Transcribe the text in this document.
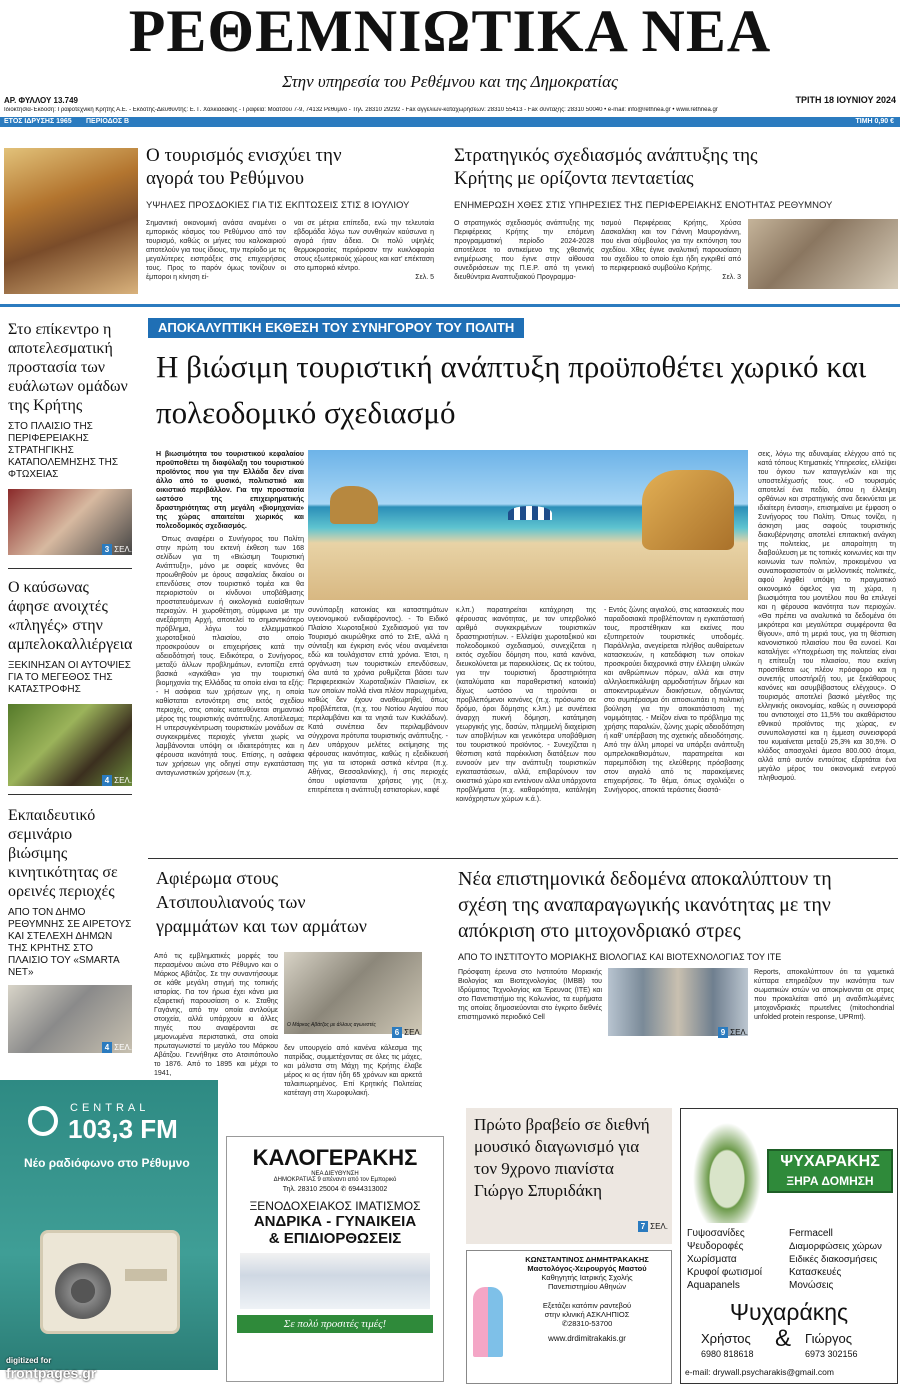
ΡΕΘΕΜΝΙΩΤΙΚΑ ΝΕΑ
Στην υπηρεσία του Ρεθέμνου και της Δημοκρατίας
ΑΡ. ΦΥΛΛΟΥ 13.749	ΤΡΙΤΗ 18 ΙΟΥΝΙΟΥ 2024
Ιδιοκτησία-Έκδοση: Γραφοτεχνική Κρήτης Α.Ε. - Εκδότης-Διευθυντής: Ε. Γ. Χαλκιαδάκης - Γραφεία: Μοάτσου 7-9, 74132 Ρέθυμνο - Τηλ. 28310 29292 - Fax αγγελιών-καταχωρήσεων: 28310 55413 - Fax σύνταξης: 28310 50040 • e-mail: info@rethnea.gr • www.rethnea.gr
ΕΤΟΣ ΙΔΡΥΣΗΣ 1965 ΠΕΡΙΟΔΟΣ Β	ΤΙΜΗ 0,90 €
Ο τουρισμός ενισχύει την αγορά του Ρεθύμνου
ΥΨΗΛΕΣ ΠΡΟΣΔΟΚΙΕΣ ΓΙΑ ΤΙΣ ΕΚΠΤΩΣΕΙΣ ΣΤΙΣ 8 ΙΟΥΛΙΟΥ
Σημαντική οικονομική ανάσα αναμένει ο εμπορικός κόσμος του Ρεθύμνου από τον τουρισμό, καθώς οι μήνες του καλοκαιριού αποτελούν για τους ίδιους, την περίοδο με τις μεγαλύτερες εισπράξεις στις επιχειρήσεις τους. Προς το παρόν όμως τονίζουν οι έμποροι η κίνηση εί-
ναι σε μέτρια επίπεδα, ενώ την τελευταία εβδομάδα λόγω των συνθηκών καύσωνα η αγορά ήταν άδεια. Οι πολύ υψηλές θερμοκρασίες περιόρισαν την κυκλοφορία στους εξωτερικούς χώρους και κατ' επέκταση στο εμπορικό κέντρο.
Σελ. 5
Στρατηγικός σχεδιασμός ανάπτυξης της Κρήτης με ορίζοντα πενταετίας
ΕΝΗΜΕΡΩΣΗ ΧΘΕΣ ΣΤΙΣ ΥΠΗΡΕΣΙΕΣ ΤΗΣ ΠΕΡΙΦΕΡΕΙΑΚΗΣ ΕΝΟΤΗΤΑΣ ΡΕΘΥΜΝΟΥ
Ο στρατηγικός σχεδιασμός ανάπτυξης της Περιφέρειας Κρήτης την επόμενη προγραμματική περίοδο 2024-2028 αποτέλεσε το αντικείμενο της χθεσινής ενημέρωσης που έγινε στην αίθουσα συνεδριάσεων της Π.Ε.Ρ. από τη γενική διευθύντρια Αναπτυξιακού Προγραμμα-
τισμού Περιφέρειας Κρήτης, Χρύσα Δασκαλάκη και τον Γιάννη Μαυρογιάννη, που είναι σύμβουλος για την εκπόνηση του σχεδίου. Χθες έγινε αναλυτική παρουσίαση του σχεδίου το οποίο έχει ήδη εγκριθεί από το περιφερειακό συμβούλιο Κρήτης.
Σελ. 3
Στο επίκεντρο η αποτελεσματική προστασία των ευάλωτων ομάδων της Κρήτης
ΣΤΟ ΠΛΑΙΣΙΟ ΤΗΣ ΠΕΡΙΦΕΡΕΙΑΚΗΣ ΣΤΡΑΤΗΓΙΚΗΣ ΚΑΤΑΠΟΛΕΜΗΣΗΣ ΤΗΣ ΦΤΩΧΕΙΑΣ
3 ΣΕΛ.
Ο καύσωνας άφησε ανοιχτές «πληγές» στην αμπελοκαλλιέργεια
ΞΕΚΙΝΗΣΑΝ ΟΙ ΑΥΤΟΨΙΕΣ ΓΙΑ ΤΟ ΜΕΓΕΘΟΣ ΤΗΣ ΚΑΤΑΣΤΡΟΦΗΣ
4 ΣΕΛ.
Εκπαιδευτικό σεμινάριο βιώσιμης κινητικότητας σε ορεινές περιοχές
ΑΠΟ ΤΟΝ ΔΗΜΟ ΡΕΘΥΜΝΗΣ ΣΕ ΑΙΡΕΤΟΥΣ ΚΑΙ ΣΤΕΛΕΧΗ ΔΗΜΩΝ ΤΗΣ ΚΡΗΤΗΣ ΣΤΟ ΠΛΑΙΣΙΟ ΤΟΥ «SMARTA NET»
4 ΣΕΛ.
ΑΠΟΚΑΛΥΠΤΙΚΗ ΕΚΘΕΣΗ ΤΟΥ ΣΥΝΗΓΟΡΟΥ ΤΟΥ ΠΟΛΙΤΗ
Η βιώσιμη τουριστική ανάπτυξη προϋποθέτει χωρικό και πολεοδομικό σχεδιασμό
Η βιωσιμότητα του τουριστικού κεφαλαίου προϋποθέτει τη διαφύλαξη του τουριστικού προϊόντος που για την Ελλάδα δεν είναι άλλο από το φυσικό, πολιτιστικό και οικιστικό περιβάλλον. Για την προστασία ωστόσο της επιχειρηματικής δραστηριότητας στη μεγάλη «βιομηχανία» της χώρας απαιτείται χωρικός και πολεοδομικός σχεδιασμός.
Όπως αναφέρει ο Συνήγορος του Πολίτη στην πρώτη του εκτενή έκθεση των 168 σελίδων για τη «Βιώσιμη Τουριστική Ανάπτυξη», μόνο με σαφείς κανόνες θα προωθηθούν με όρους ασφαλείας δικαίου οι επενδύσεις στον τουριστικό τομέα και θα περιοριστούν οι κίνδυνοι υποβάθμισης προστατευόμενων ή οικολογικά ευαίσθητων περιοχών. Η χωροθέτηση, σύμφωνα με την ανεξάρτητη Αρχή, αποτελεί το σημαντικότερο πρόβλημα, λόγω του ελλειμματικού χωροταξικού πλαισίου, στο οποίο προσκρούουν οι επιχειρήσεις κατά την αδειοδότησή τους. Ειδικότερα, ο Συνήγορος, μεταξύ άλλων προβλημάτων, εντοπίζει επτά βασικά «αγκάθια» για την τουριστική βιομηχανία της Ελλάδας τα οποία είναι τα εξής: - Η ασάφεια των χρήσεων γης, η οποία καθίσταται εντονότερη στις εκτός σχεδίου περιοχές, στις οποίες κατευθύνεται σημαντικό μέρος της τουριστικής ανάπτυξης. Αποτέλεσμα; Η υπερσυγκέντρωση τουριστικών μονάδων σε συγκεκριμένες περιοχές γίνεται χωρίς να λαμβάνονται υπόψη οι ιδιαιτερότητες και η φέρουσα ικανότητά τους. Επίσης, η ασάφεια των χρήσεων γης οδηγεί στην εγκατάσταση ανταγωνιστικών χρήσεων (π.χ.
συνύπαρξη κατοικίας και καταστημάτων υγειονομικού ενδιαφέροντος). - Το Ειδικό Πλαίσιο Χωροταξικού Σχεδιασμού για τον Τουρισμό ακυρώθηκε από το ΣτΕ, αλλά η σύνταξη και έγκριση ενός νέου αναμένεται εδώ και τουλάχιστον επτά χρόνια. Έτσι, η οργάνωση των τουριστικών επενδύσεων, όλα αυτά τα χρόνια ρυθμίζεται βάσει των Περιφερειακών Χωροταξικών Πλαισίων, εκ των οποίων πολλά είναι πλέον παρωχημένα, καθώς δεν έχουν αναθεωρηθεί, όπως προβλέπεται, (π.χ. του Νοτίου Αιγαίου που περιλαμβάνει και τα νησιά των Κυκλάδων). Κατά συνέπεια δεν περιλαμβάνουν σύγχρονα πρότυπα τουριστικής ανάπτυξης. - Δεν υπάρχουν μελέτες εκτίμησης της φέρουσας ικανότητας, καθώς η εξειδίκευσή της για τα ιστορικά αστικά κέντρα (π.χ. Αθήνας, Θεσσαλονίκης), ή στις περιοχές όπου υφίστανται χρήσεις γης (π.χ. επιτρέπεται η ανάπτυξη εστιατορίων, καφέ
κ.λπ.) παρατηρείται κατάχρηση της φέρουσας ικανότητας, με τον υπερβολικό αριθμό συγκεκριμένων τουριστικών δραστηριοτήτων. - Ελλείψει χωροταξικού και πολεοδομικού σχεδιασμού, συνεχίζεται η εκτός σχεδίου δόμηση που, κατά κανόνα, διευκολύνεται με παρεκκλίσεις. Ως εκ τούτου, για την τουριστική δραστηριότητα (καταλύματα και παραθεριστική κατοικία) δίχως ωστόσο να τηρούνται οι προβλεπόμενοι κανόνες (π.χ. πρόσωπο σε δρόμο, όροι δόμησης κ.λπ.) με συνέπεια άναρχη πυκνή δόμηση, κατάτμηση γεωργικής γης, δασών, πλημμελή διαχείριση των αποβλήτων και γενικότερα υποβάθμιση του τουριστικού προϊόντος. - Συνεχίζεται η θέσπιση κατά παρέκκλιση διατάξεων που ευνοούν μεν την ανάπτυξη τουριστικών εγκαταστάσεων, αλλά, επιβαρύνουν τον οικιστικό χώρο και εντείνουν αλλα υπάρχοντα προβλήματα (π.χ. καθαριότητα, κατάληψη κοινόχρηστων χώρων κ.ά.).
- Εντός ζώνης αιγιαλού, στις κατασκευές που παραδοσιακά προβλέπονταν η εγκατάστασή τους, προστέθηκαν και εκείνες που εξυπηρετούν τουριστικές υποδομές. Παράλληλα, ανεγείρεται πλήθος αυθαίρετων κατασκευών, η κατεδάφιση των οποίων προσκρούει διαχρονικά στην έλλειψη υλικών και ανθρώπινων πόρων, αλλά και στην αλληλοεπικάλυψη αρμοδιοτήτων δήμων και αποκεντρωμένων διοικήσεων, οδηγώντας στο συμπέρασμα ότι αποσιωπάει η πολιτική βούληση για την αποκατάσταση της νομιμότητας. - Μείζον είναι το πρόβλημα της χρήσης παραλιών, ζώνης χωρίς αδειοδότηση ή καθ' υπέρβαση της σχετικής αδειοδότησης. Από την άλλη μπορεί να υπάρξει ανάπτυξη ομπρελοκαθισμάτων, παρατηρείται και παρεμπόδιση της ελεύθερης πρόσβασης στον αιγιαλό από τις παρακείμενες επιχειρήσεις. Το θέμα, όπως σχολιάζει ο Συνήγορος, αποκτά τεράστιες διαστά-
σεις, λόγω της αδυναμίας ελέγχου από τις κατά τόπους Κτηματικές Υπηρεσίες, ελλείψει του όγκου των καταγγελιών και της υποστελέχωσής τους. «Ο τουρισμός αποτελεί ένα πεδίο, όπου η έλλειψη ορθάνων και στρατηγικής ανα δεικνύεται με ιδιαίτερη ένταση», επισημαίνει με έμφαση ο Συνήγορος του Πολίτη. Όπως τονίζει, η άσκηση μιας σαφούς τουριστικής διακυβέρνησης αποτελεί επιτακτική ανάγκη της πολιτείας, με απαραίτητη τη διαβούλευση με τις τοπικές κοινωνίες και την κοινωνία των πολιτών, προκειμένου να συναποφασιστούν οι μελλοντικές πολιτικές, αφού ληφθεί υπόψη το πραγματικό οικονομικό όφελος για τη χώρα, η βιωσιμότητα του μοντέλου που θα επιλεγεί και η φέρουσα ικανότητα των περιοχών. «Θα πρέπει να αναλυτικά τα δεδομένα ότι μικρότερα και μεγαλύτερα συμφέροντα θα θίγουν», από τη μεριά τους, για τη θέσπιση κανονιστικού πλαισίου που θα ευνοεί. Και καταλήγει: «Υποχρέωση της πολιτείας είναι η επίτευξη του πλαισίου, που εκείνη προστίθεται ως πλέον πρόσφορο και η συνεπής υποστήριξή του, με ξεκάθαρους κανόνες και ασυμβίβαστους ελέγχους». Ο τουρισμός αποτελεί βασικό μέγεθος της ελληνικής οικονομίας, καθώς η συνεισφορά του αντιστοιχεί στο 11,5% του ακαθάριστου εθνικού προϊόντος της χώρας, εν συνυπολογιστεί και η έμμεση συνεισφορά του κυμαίνεται μεταξύ 25,3% και 30,5%. Ο κλάδος απασχολεί άμεσα 800.000 άτομα, αλλά από αυτόν εντούτοις εξαρτάται ένα μεγάλο μέρος του οικονομικά ενεργού πληθυσμού.
Αφιέρωμα στους Ατσιπουλιανούς των γραμμάτων και των αρμάτων
Από τις εμβληματικές μορφές του περασμένου αιώνα στο Ρέθυμνο και ο Μάρκος Αβάτζος. Σε την συναντήσουμε σε κάθε μεγάλη στιγμή της τοπικής ιστορίας. Για τον ήρωα έχει κάνει μια εξαιρετική παρουσίαση ο κ. Σταθης Γαγάνης, από την οποία αντλούμε στοιχεία, αλλά υπάρχουν κι άλλες πηγές που αναφέρονται σε μεμονωμένα περιστατικά, στα οποία πρωταγωνιστεί το μεγάλο του Μάρκου Αβάτζου. Γεννήθηκε στο Ατσιπόπουλο το 1876. Από το 1895 και μέχρι το 1941,
Ο Μάρκος Αβάτζος με άλλους αγωνιστές
6 ΣΕΛ.
δεν υπουργείο από κανένα κάλεσμα της πατρίδας, συμμετέχοντας σε όλες τις μάχες, και μάλιστα στη Μάχη της Κρήτης έλαβε μέρος κι ας ήταν ήδη 65 χρόνων και αρκετά ταλαιπωρημένος. Επί Κρητικής Πολιτείας κατέταγη στη Χωροφυλακή.
Νέα επιστημονικά δεδομένα αποκαλύπτουν τη σχέση της αναπαραγωγικής ικανότητας με την απόκριση στο μιτοχονδριακό στρες
ΑΠΟ ΤΟ ΙΝΣΤΙΤΟΥΤΟ ΜΟΡΙΑΚΗΣ ΒΙΟΛΟΓΙΑΣ ΚΑΙ ΒΙΟΤΕΧΝΟΛΟΓΙΑΣ ΤΟΥ ΙΤΕ
Πρόσφατη έρευνα στο Ινστιτούτο Μοριακής Βιολογίας και Βιοτεχνολογίας (ΙΜΒΒ) του Ιδρύματος Τεχνολογίας και Έρευνας (ΙΤΕ) και στο Πανεπιστήμιο της Κολωνίας, τα ευρήματα της οποίας δημοσιεύονται στο έγκριτο διεθνές επιστημονικό περιοδικό Cell
9 ΣΕΛ.
Reports, αποκαλύπτουν ότι τα γαμετικά κύτταρα επηρεάζουν την ικανότητα των σωματικών ιστών να αποκρίνονται σε στρες που προκαλείται από μη αναδιπλωμένες μιτοχονδριακές πρωτεΐνες (mitochondrial unfolded protein response, UPRmt).
CENTRAL
103,3 FM
Νέο ραδιόφωνο στο Ρέθυμνο	ΚΑΛΟΓΕΡΑΚΗΣ
ΝΕΑ ΔΙΕΥΘΥΝΣΗ
ΔΗΜΟΚΡΑΤΙΑΣ 9 απέναντι από τον Εμπορικό
Τηλ. 28310 25004 ✆ 6944313002
ΞΕΝΟΔΟΧΕΙΑΚΟΣ ΙΜΑΤΙΣΜΟΣ
ΑΝΔΡΙΚΑ - ΓΥΝΑΙΚΕΙΑ
& ΕΠΙΔΙΟΡΘΩΣΕΙΣ
Σε πολύ προσιτές τιμές!
Πρώτο βραβείο σε διεθνή μουσικό διαγωνισμό για τον 9χρονο πιανίστα Γιώργο Σπυριδάκη
7 ΣΕΛ.
ΚΩΝΣΤΑΝΤΙΝΟΣ ΔΗΜΗΤΡΑΚΑΚΗΣ
Μαστολόγος-Χειρουργός Μαστού
Καθηγητής Ιατρικής Σχολής
Πανεπιστημίου Αθηνών
Εξετάζει κατόπιν ραντεβού
στην κλινική ΑΣΚΛΗΠΙΟΣ
✆28310-53700
www.drdimitrakakis.gr
ΨΥΧΑΡΑΚΗΣ
ΞΗΡΑ ΔΟΜΗΣΗ
Γυψοσανίδες
Ψευδοροφές
Χωρίσματα
Κρυφοί φωτισμοί
Aquapanels
Fermacell
Διαμορφώσεις χώρων
Ειδικές διακοσμήσεις
Κατασκευές
Μονώσεις
Ψυχαράκης
Χρήστος & Γιώργος
6980 818618	6973 302156
e-mail: drywall.psycharakis@gmail.com
digitized for
frontpages.gr
